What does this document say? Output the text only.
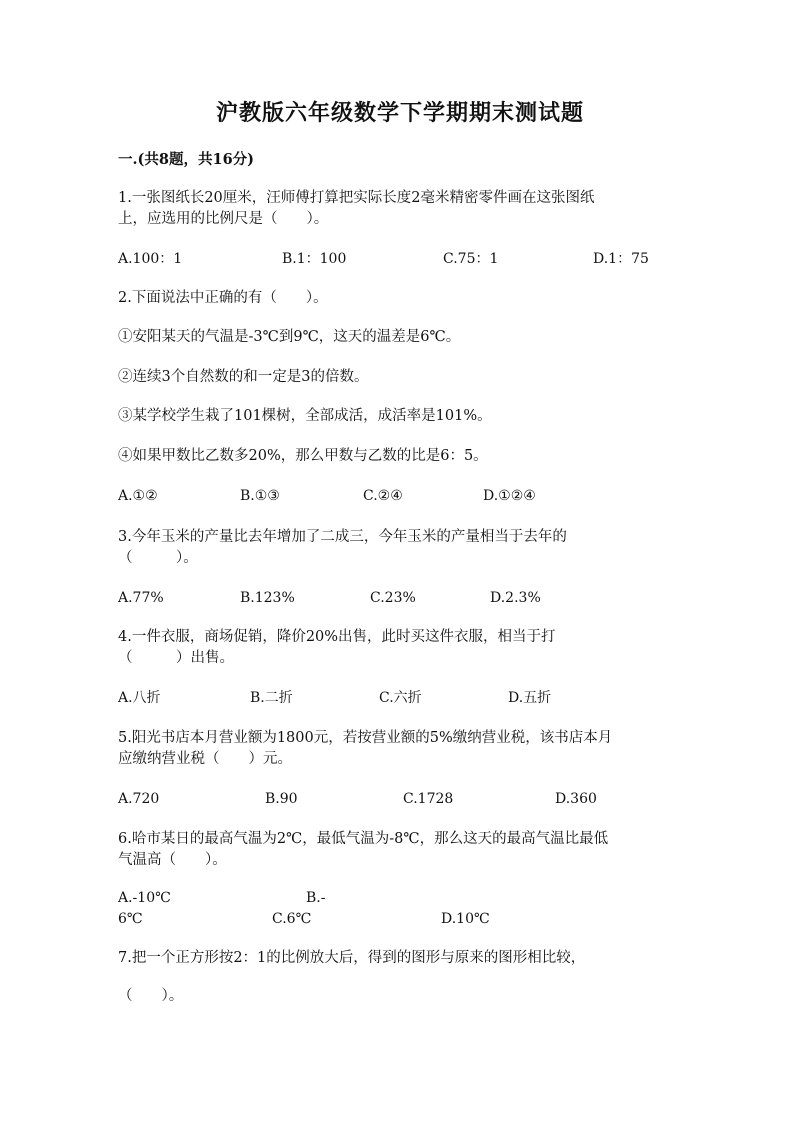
沪教版六年级数学下学期期末测试题
一.(共8题，共16分)
1.一张图纸长20厘米，汪师傅打算把实际长度2毫米精密零件画在这张图纸
上，应选用的比例尺是（　　）。
A.100：1	B.1：100	C.75：1	D.1：75
2.下面说法中正确的有（　　）。
①安阳某天的气温是-3℃到9℃，这天的温差是6℃。
②连续3个自然数的和一定是3的倍数。
③某学校学生栽了101棵树，全部成活，成活率是101%。
④如果甲数比乙数多20%，那么甲数与乙数的比是6：5。
A.①②	B.①③	C.②④	D.①②④
3.今年玉米的产量比去年增加了二成三，今年玉米的产量相当于去年的
（　　　）。
A.77%	B.123%	C.23%	D.2.3%
4.一件衣服，商场促销，降价20%出售，此时买这件衣服，相当于打
（　　　）出售。
A.八折	B.二折	C.六折	D.五折
5.阳光书店本月营业额为1800元，若按营业额的5%缴纳营业税，该书店本月
应缴纳营业税（　　）元。
A.720	B.90	C.1728	D.360
6.哈市某日的最高气温为2℃，最低气温为-8℃，那么这天的最高气温比最低
气温高（　　）。
A.-10℃	B.-
6℃	C.6℃	D.10℃
7.把一个正方形按2：1的比例放大后，得到的图形与原来的图形相比较，
（　　）。
